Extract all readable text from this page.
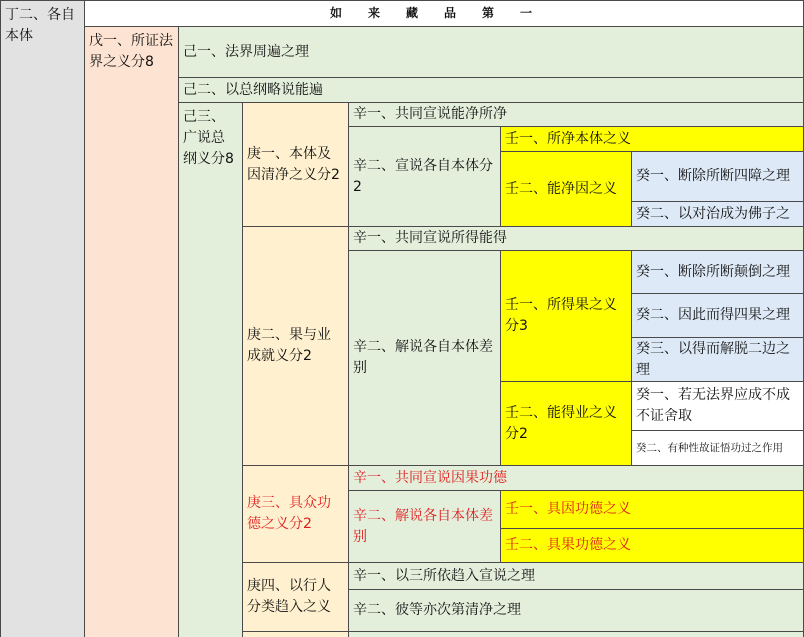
如来藏品第一
丁二、各自本体	戊一、所证法界之义分8
己一、法界周遍之理
己二、以总纲略说能遍
己三、广说总纲义分8 庚一、本体及因清净之义分2
庚二、果与业成就义分2
庚三、具众功德之义分2
庚四、以行人分类趋入之义
辛一、共同宣说能净所净
辛二、宣说各自本体分2
壬一、所净本体之义
壬二、能净因之义
癸一、断除所断四障之理
癸二、以对治成为佛子之
辛一、共同宣说所得能得
辛二、解说各自本体差别
壬一、所得果之义分3
壬二、能得业之义分2
癸一、断除所断颠倒之理
癸二、因此而得四果之理
癸三、以得而解脱二边之理
癸一、若无法界应成不成不证舍取
癸二、有种性故证悟功过之作用
辛一、共同宣说因果功德
辛二、解说各自本体差别
壬一、具因功德之义
壬二、具果功德之义
辛一、以三所依趋入宣说之理
辛二、彼等亦次第清净之理
